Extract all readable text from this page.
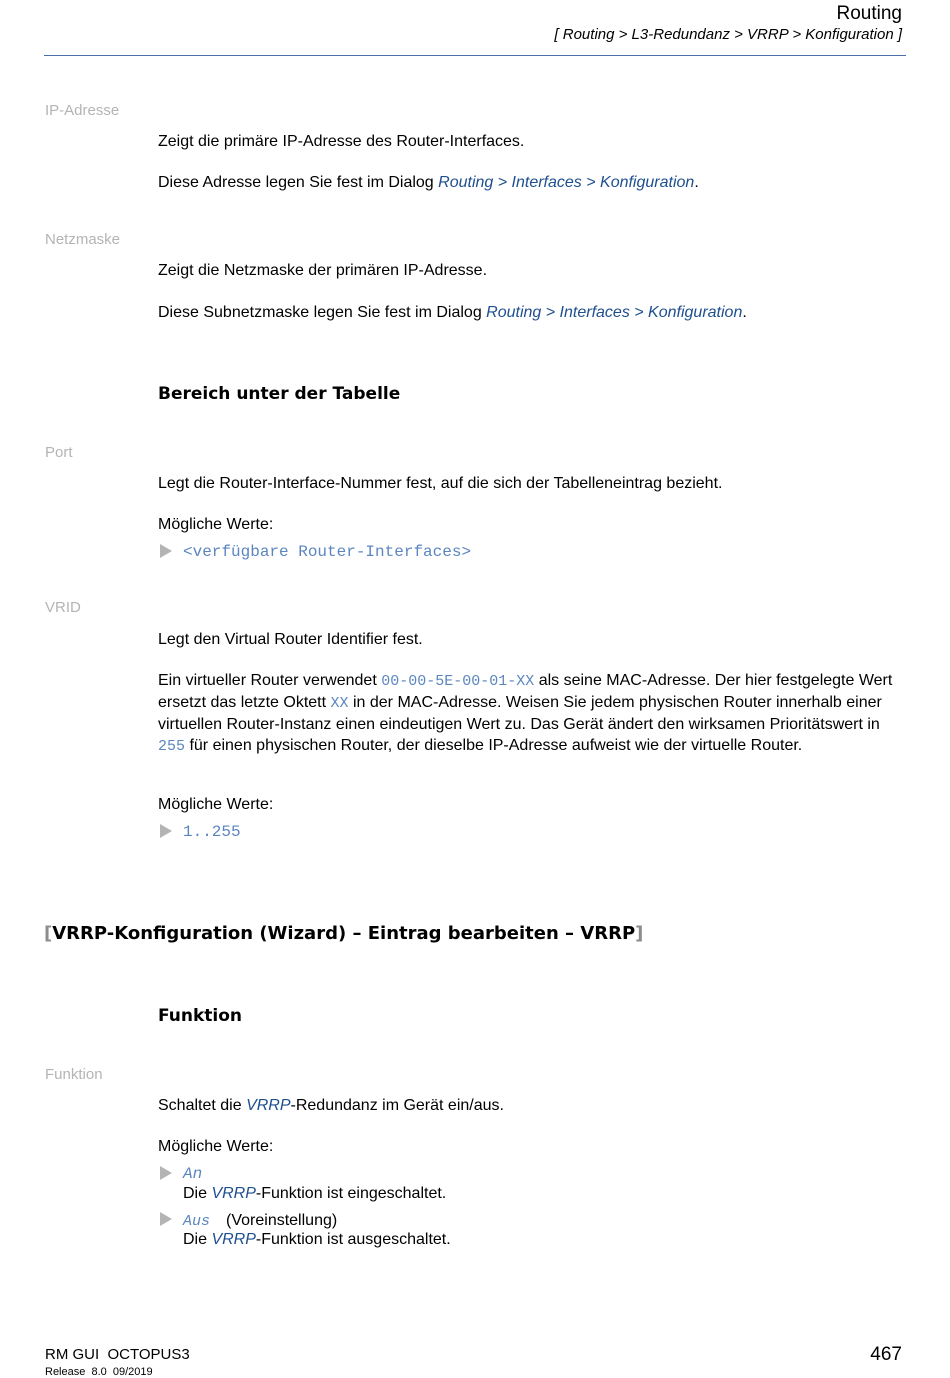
Routing
[ Routing > L3-Redundanz > VRRP > Konfiguration ]
IP-Adresse
Zeigt die primäre IP-Adresse des Router-Interfaces.
Diese Adresse legen Sie fest im Dialog Routing > Interfaces > Konfiguration.
Netzmaske
Zeigt die Netzmaske der primären IP-Adresse.
Diese Subnetzmaske legen Sie fest im Dialog Routing > Interfaces > Konfiguration.
Bereich unter der Tabelle
Port
Legt die Router-Interface-Nummer fest, auf die sich der Tabelleneintrag bezieht.
Mögliche Werte:
<verfügbare Router-Interfaces>
VRID
Legt den Virtual Router Identifier fest.
Ein virtueller Router verwendet 00-00-5E-00-01-XX als seine MAC-Adresse. Der hier festgelegte Wert ersetzt das letzte Oktett XX in der MAC-Adresse. Weisen Sie jedem physischen Router innerhalb einer virtuellen Router-Instanz einen eindeutigen Wert zu. Das Gerät ändert den wirksamen Prioritätswert in 255 für einen physischen Router, der dieselbe IP-Adresse aufweist wie der virtuelle Router.
Mögliche Werte:
1..255
[VRRP-Konfiguration (Wizard) – Eintrag bearbeiten – VRRP]
Funktion
Funktion
Schaltet die VRRP-Redundanz im Gerät ein/aus.
Mögliche Werte:
An
Die VRRP-Funktion ist eingeschaltet.
Aus (Voreinstellung)
Die VRRP-Funktion ist ausgeschaltet.
RM GUI  OCTOPUS3
Release  8.0  09/2019
467
